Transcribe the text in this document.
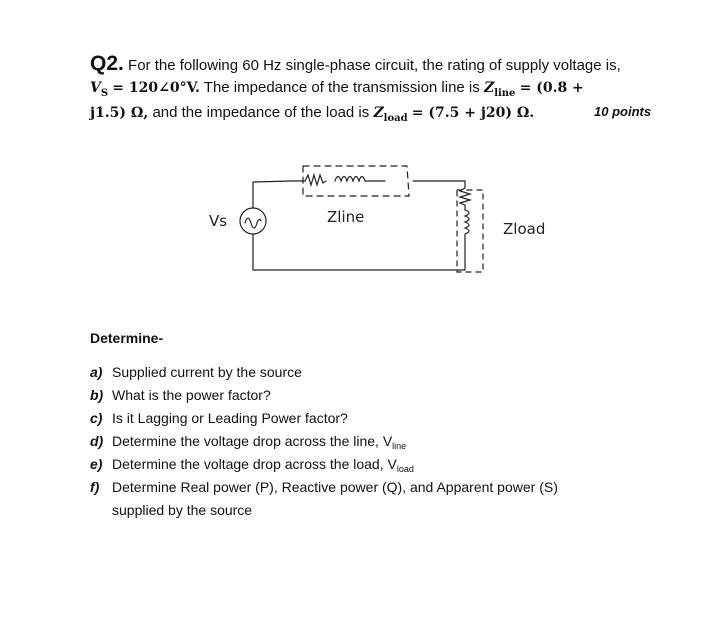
Q2. For the following 60 Hz single-phase circuit, the rating of supply voltage is,
$V_S$ = 120∠0°V. The impedance of the transmission line is $Z_{line} = (0.8$ +
j1.5) Ω, and the impedance of the load is $Z_{load} = (7.5 + j20)$ Ω.	10 points
Vs	Zline
Zload
Determine-
a) Supplied current by the source
b) What is the power factor?
c) Is it Lagging or Leading Power factor?
d) Determine the voltage drop across the line, $V_{line}$
e) Determine the voltage drop across the load, $V_{load}$
f) Determine Real power (P), Reactive power (Q), and Apparent power (S)
supplied by the source
